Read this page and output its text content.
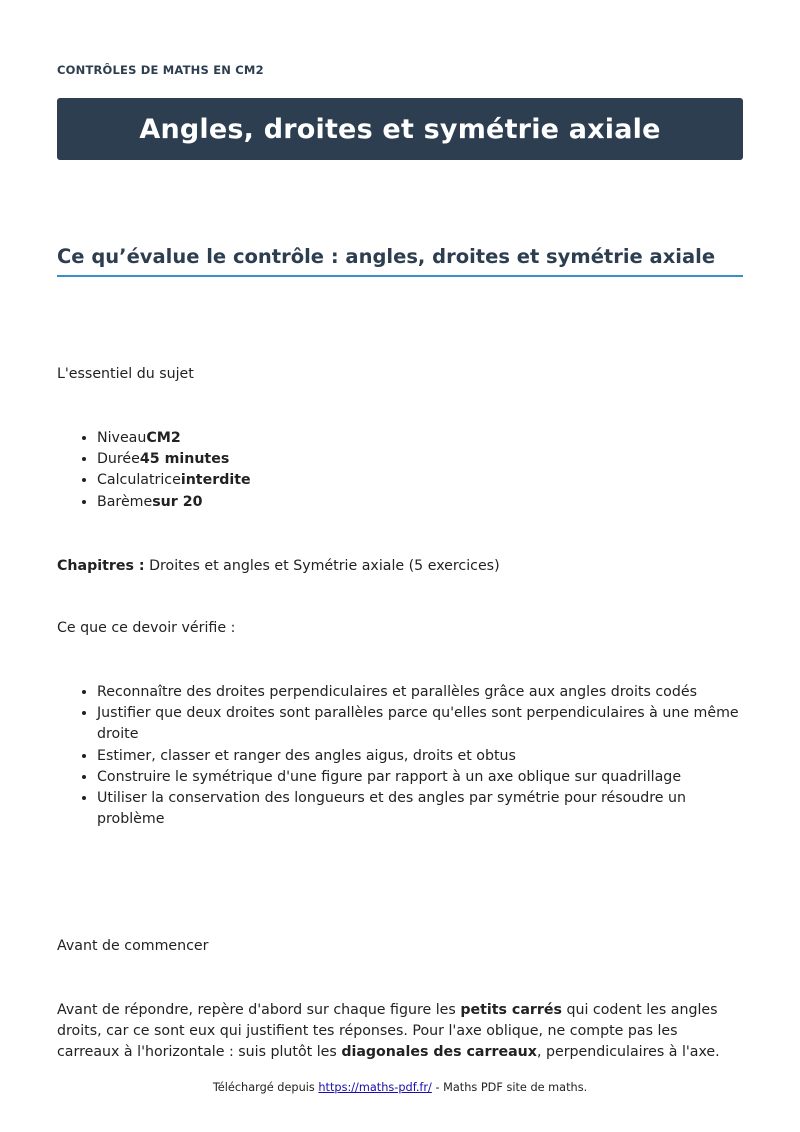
CONTRÔLES DE MATHS EN CM2
Angles, droites et symétrie axiale
Ce qu’évalue le contrôle : angles, droites et symétrie axiale

L'essentiel du sujet

• NiveauCM2
• Durée45 minutes
• Calculatriceinterdite
• Barèmesur 20

Chapitres : Droites et angles et Symétrie axiale (5 exercices)

Ce que ce devoir vérifie :

• Reconnaître des droites perpendiculaires et parallèles grâce aux angles droits codés
• Justifier que deux droites sont parallèles parce qu'elles sont perpendiculaires à une même droite
• Estimer, classer et ranger des angles aigus, droits et obtus
• Construire le symétrique d'une figure par rapport à un axe oblique sur quadrillage
• Utiliser la conservation des longueurs et des angles par symétrie pour résoudre un problème

Avant de commencer

Avant de répondre, repère d'abord sur chaque figure les petits carrés qui codent les angles droits, car ce sont eux qui justifient tes réponses. Pour l'axe oblique, ne compte pas les carreaux à l'horizontale : suis plutôt les diagonales des carreaux, perpendiculaires à l'axe.

Téléchargé depuis https://maths-pdf.fr/ - Maths PDF site de maths.
